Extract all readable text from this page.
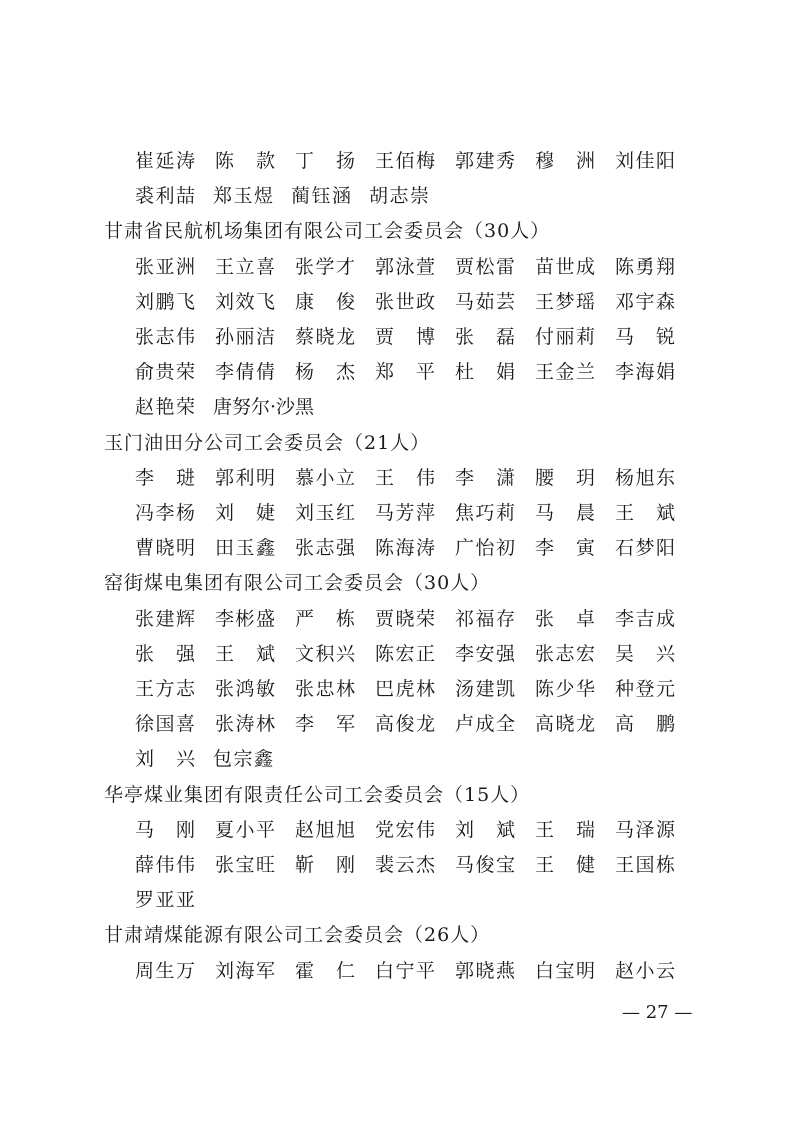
崔延涛 陈　款 丁　扬 王佰梅 郭建秀 穆　洲 刘佳阳
裘利喆 郑玉煜 蔺钰涵 胡志崇
甘肃省民航机场集团有限公司工会委员会（30人）
张亚洲 王立喜 张学才 郭泳萱 贾松雷 苗世成 陈勇翔
刘鹏飞 刘效飞 康　俊 张世政 马茹芸 王梦瑶 邓宇森
张志伟 孙丽洁 蔡晓龙 贾　博 张　磊 付丽莉 马　锐
俞贵荣 李倩倩 杨　杰 郑　平 杜　娟 王金兰 李海娟
赵艳荣 唐努尔·沙黑
玉门油田分公司工会委员会（21人）
李　琎 郭利明 慕小立 王　伟 李　潇 腰　玥 杨旭东
冯李杨 刘　婕 刘玉红 马芳萍 焦巧莉 马　晨 王　斌
曹晓明 田玉鑫 张志强 陈海涛 广怡初 李　寅 石梦阳
窑街煤电集团有限公司工会委员会（30人）
张建辉 李彬盛 严　栋 贾晓荣 祁福存 张　卓 李吉成
张　强 王　斌 文积兴 陈宏正 李安强 张志宏 吴　兴
王方志 张鸿敏 张忠林 巴虎林 汤建凯 陈少华 种登元
徐国喜 张涛林 李　军 高俊龙 卢成全 高晓龙 高　鹏
刘　兴 包宗鑫
华亭煤业集团有限责任公司工会委员会（15人）
马　刚 夏小平 赵旭旭 党宏伟 刘　斌 王　瑞 马泽源
薛伟伟 张宝旺 靳　刚 裴云杰 马俊宝 王　健 王国栋
罗亚亚
甘肃靖煤能源有限公司工会委员会（26人）
周生万 刘海军 霍　仁 白宁平 郭晓燕 白宝明 赵小云
— 27 —
